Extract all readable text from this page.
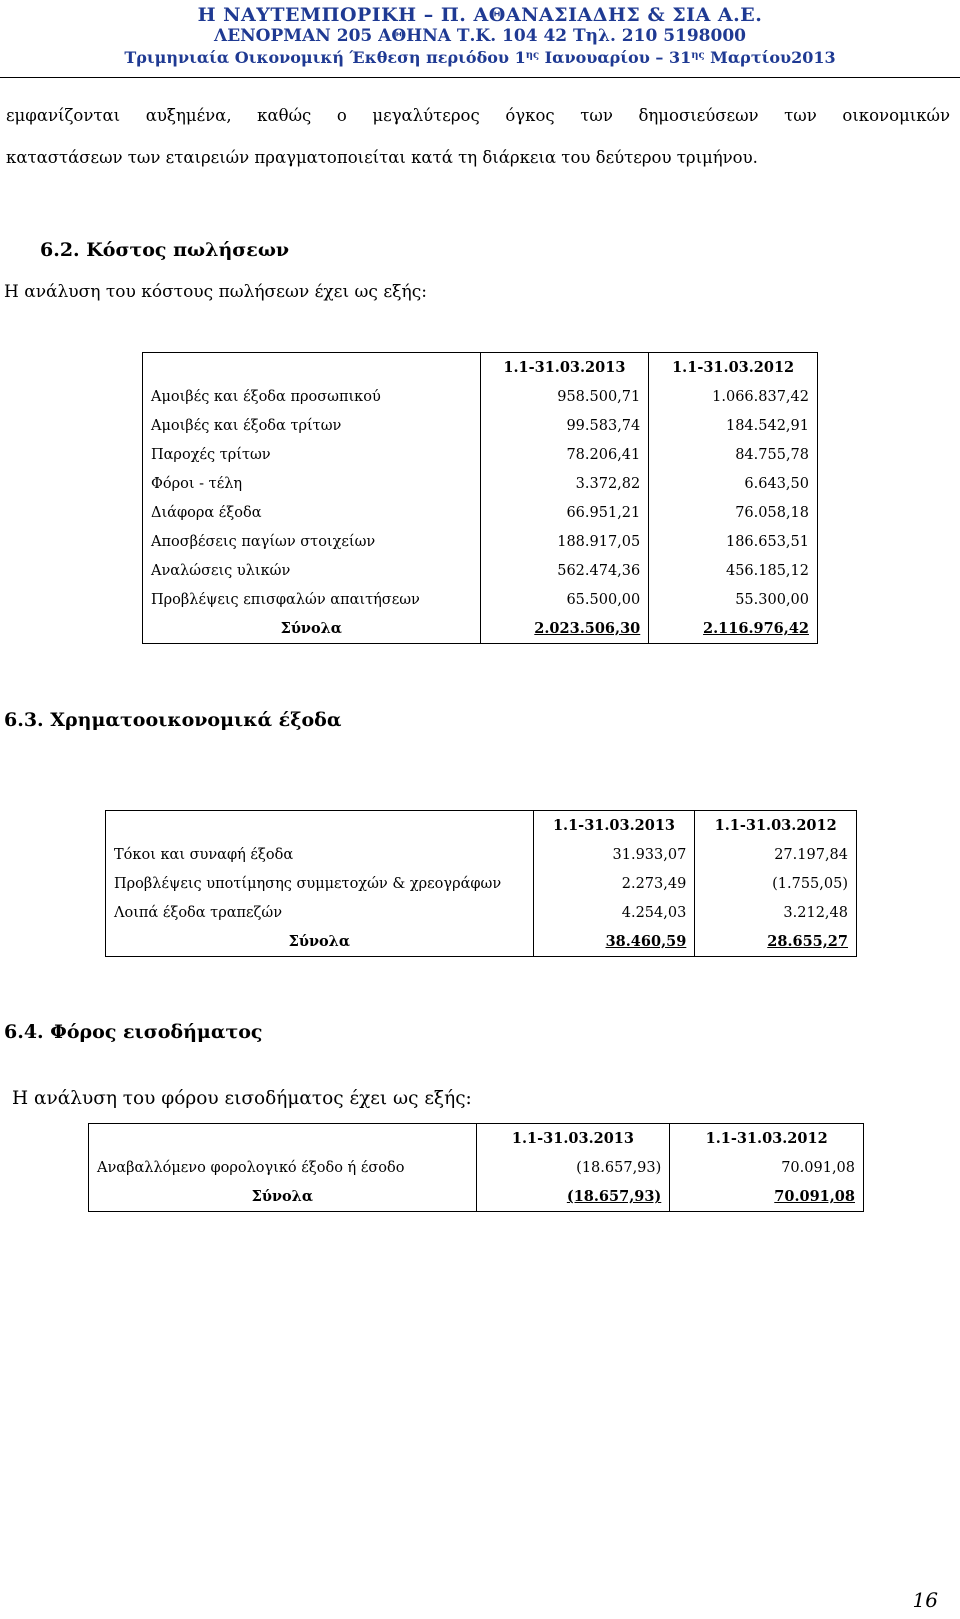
Η ΝΑΥΤΕΜΠΟΡΙΚΗ – Π. ΑΘΑΝΑΣΙΑΔΗΣ & ΣΙΑ Α.Ε.
ΛΕΝΟΡΜΑΝ 205 ΑΘΗΝΑ Τ.Κ. 104 42 Τηλ. 210 5198000
Τριμηνιαία Οικονομική Έκθεση περιόδου $1^{\eta\varsigma}$ Ιανουαρίου – $31^{\eta\varsigma}$ Μαρτίου2013
εμφανίζονται αυξημένα, καθώς ο μεγαλύτερος όγκος των δημοσιεύσεων των οικονομικών
καταστάσεων των εταιρειών πραγματοποιείται κατά τη διάρκεια του δεύτερου τριμήνου.
6.2. Κόστος πωλήσεων
Η ανάλυση του κόστους πωλήσεων έχει ως εξής:
	1.1-31.03.2013	1.1-31.03.2012
Αμοιβές και έξοδα προσωπικού	958.500,71	1.066.837,42
Αμοιβές και έξοδα τρίτων	99.583,74	184.542,91
Παροχές τρίτων	78.206,41	84.755,78
Φόροι - τέλη	3.372,82	6.643,50
Διάφορα έξοδα	66.951,21	76.058,18
Αποσβέσεις παγίων στοιχείων	188.917,05	186.653,51
Αναλώσεις υλικών	562.474,36	456.185,12
Προβλέψεις επισφαλών απαιτήσεων	65.500,00	55.300,00
Σύνολα	2.023.506,30	2.116.976,42
6.3. Χρηματοοικονομικά έξοδα
	1.1-31.03.2013	1.1-31.03.2012
Τόκοι και συναφή έξοδα	31.933,07	27.197,84
Προβλέψεις υποτίμησης συμμετοχών & χρεογράφων	2.273,49	(1.755,05)
Λοιπά έξοδα τραπεζών	4.254,03	3.212,48
Σύνολα	38.460,59	28.655,27
6.4. Φόρος εισοδήματος
Η ανάλυση του φόρου εισοδήματος έχει ως εξής:
	1.1-31.03.2013	1.1-31.03.2012
Αναβαλλόμενο φορολογικό έξοδο ή έσοδο	(18.657,93)	70.091,08
Σύνολα	(18.657,93)	70.091,08
16
